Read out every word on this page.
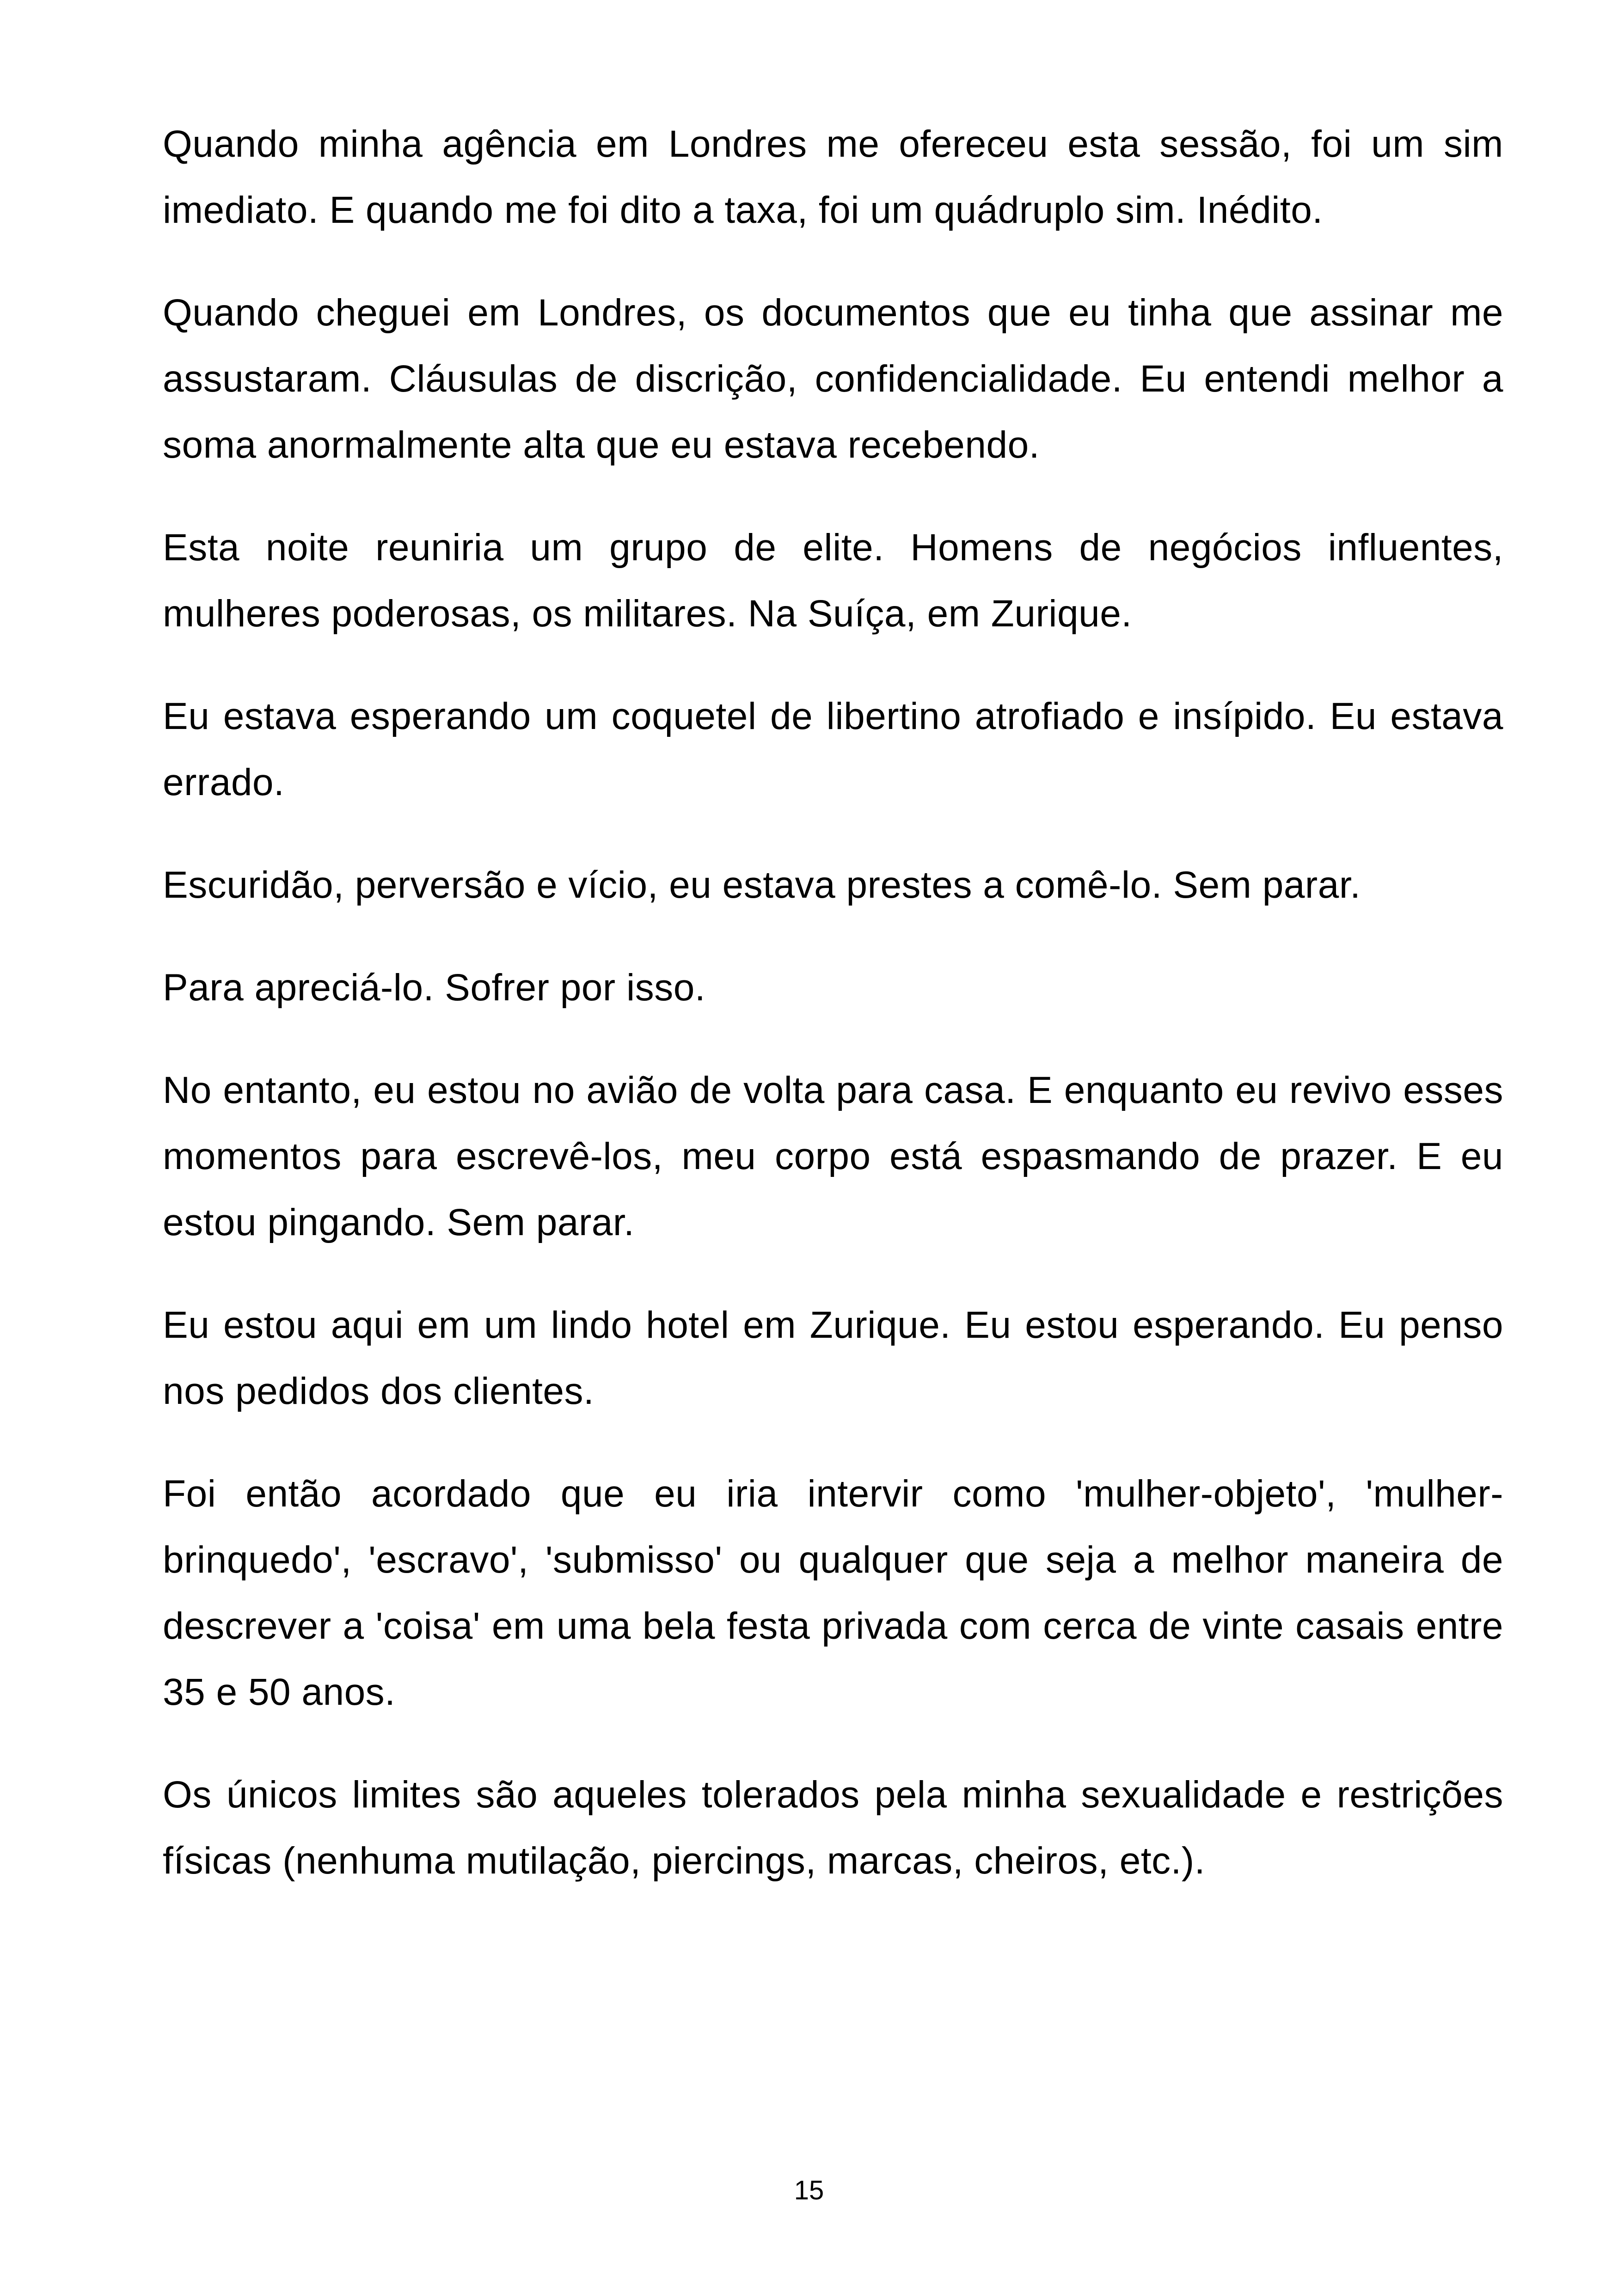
Quando minha agência em Londres me ofereceu esta sessão, foi um sim imediato. E quando me foi dito a taxa, foi um quádruplo sim. Inédito.

Quando cheguei em Londres, os documentos que eu tinha que assinar me assustaram. Cláusulas de discrição, confidencialidade. Eu entendi melhor a soma anormalmente alta que eu estava recebendo.

Esta noite reuniria um grupo de elite. Homens de negócios influentes, mulheres poderosas, os militares. Na Suíça, em Zurique.

Eu estava esperando um coquetel de libertino atrofiado e insípido. Eu estava errado.

Escuridão, perversão e vício, eu estava prestes a comê-lo. Sem parar.

Para apreciá-lo. Sofrer por isso.

No entanto, eu estou no avião de volta para casa. E enquanto eu revivo esses momentos para escrevê-los, meu corpo está espasmando de prazer. E eu estou pingando. Sem parar.

Eu estou aqui em um lindo hotel em Zurique. Eu estou esperando. Eu penso nos pedidos dos clientes.

Foi então acordado que eu iria intervir como 'mulher-objeto', 'mulher-brinquedo', 'escravo', 'submisso' ou qualquer que seja a melhor maneira de descrever a 'coisa' em uma bela festa privada com cerca de vinte casais entre 35 e 50 anos.

Os únicos limites são aqueles tolerados pela minha sexualidade e restrições físicas (nenhuma mutilação, piercings, marcas, cheiros, etc.).

15
